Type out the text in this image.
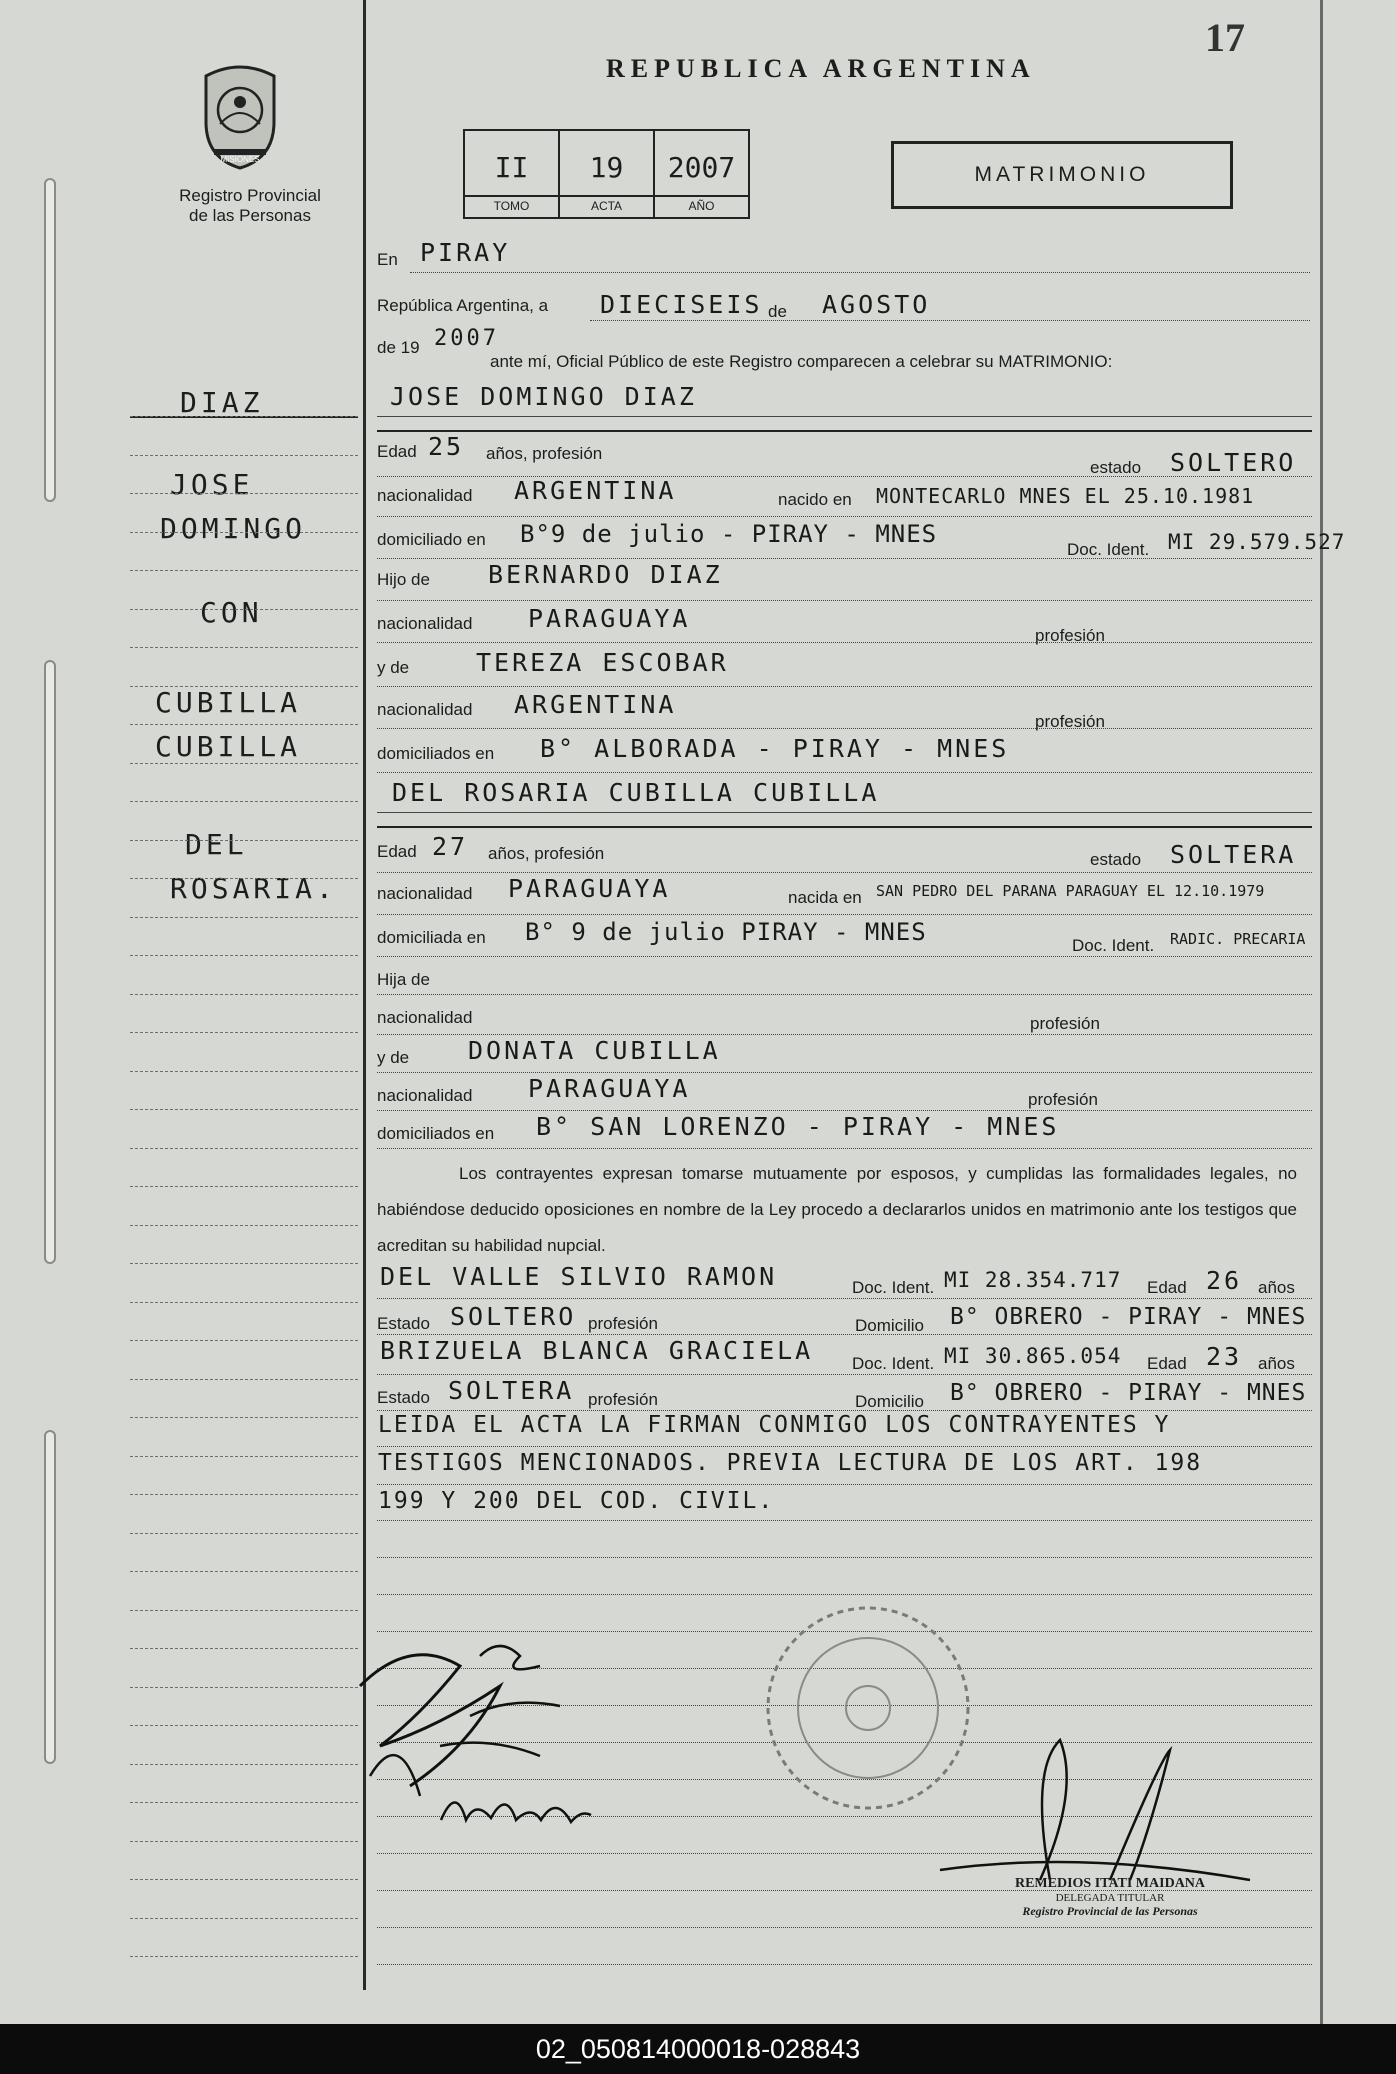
17
REPUBLICA ARGENTINA
MISIONES
Registro Provincial
de las Personas
II
TOMO
19
ACTA
2007
AÑO
MATRIMONIO
DIAZ
JOSE
DOMINGO
CON
CUBILLA
CUBILLA
DEL
ROSARIA.
En PIRAY
República Argentina, a DIECISEIS de AGOSTO
de 19 2007
ante mí, Oficial Público de este Registro comparecen a celebrar su MATRIMONIO:
JOSE DOMINGO DIAZ
Edad 25 años, profesión
estado SOLTERO
nacionalidad ARGENTINA	nacido en MONTECARLO MNES EL 25.10.1981
domiciliado en B°9 de julio - PIRAY - MNES
Doc. Ident. MI 29.579.527
Hijo de BERNARDO DIAZ
nacionalidad PARAGUAYA
profesión
y de	TEREZA ESCOBAR
nacionalidad ARGENTINA
profesión
domiciliados en B° ALBORADA - PIRAY - MNES
DEL ROSARIA CUBILLA CUBILLA
Edad 27 años, profesión	estado SOLTERA
nacionalidad PARAGUAYA	nacida en SAN PEDRO DEL PARANA PARAGUAY EL 12.10.1979
domiciliada en B° 9 de julio PIRAY - MNES	Doc. Ident. RADIC. PRECARIA
Hija de
nacionalidad	profesión
y de DONATA CUBILLA
nacionalidad PARAGUAYA	profesión
domiciliados en B° SAN LORENZO - PIRAY - MNES
Los contrayentes expresan tomarse mutuamente por esposos, y cumplidas las formalidades legales, no habiéndose deducido oposiciones en nombre de la Ley procedo a declararlos unidos en matrimonio ante los testigos que acreditan su habilidad nupcial.
DEL VALLE SILVIO RAMON	Doc. Ident. MI 28.354.717 Edad 26 años
Estado SOLTERO profesión	Domicilio B° OBRERO - PIRAY - MNES
BRIZUELA BLANCA GRACIELA Doc. Ident. MI 30.865.054 Edad 23 años
Estado SOLTERA profesión	Domicilio B° OBRERO - PIRAY - MNES
LEIDA EL ACTA LA FIRMAN CONMIGO LOS CONTRAYENTES Y
TESTIGOS MENCIONADOS. PREVIA LECTURA DE LOS ART. 198
199 Y 200 DEL COD. CIVIL.
REMEDIOS ITATI MAIDANA
DELEGADA TITULAR
Registro Provincial de las Personas
02_050814000018-028843
